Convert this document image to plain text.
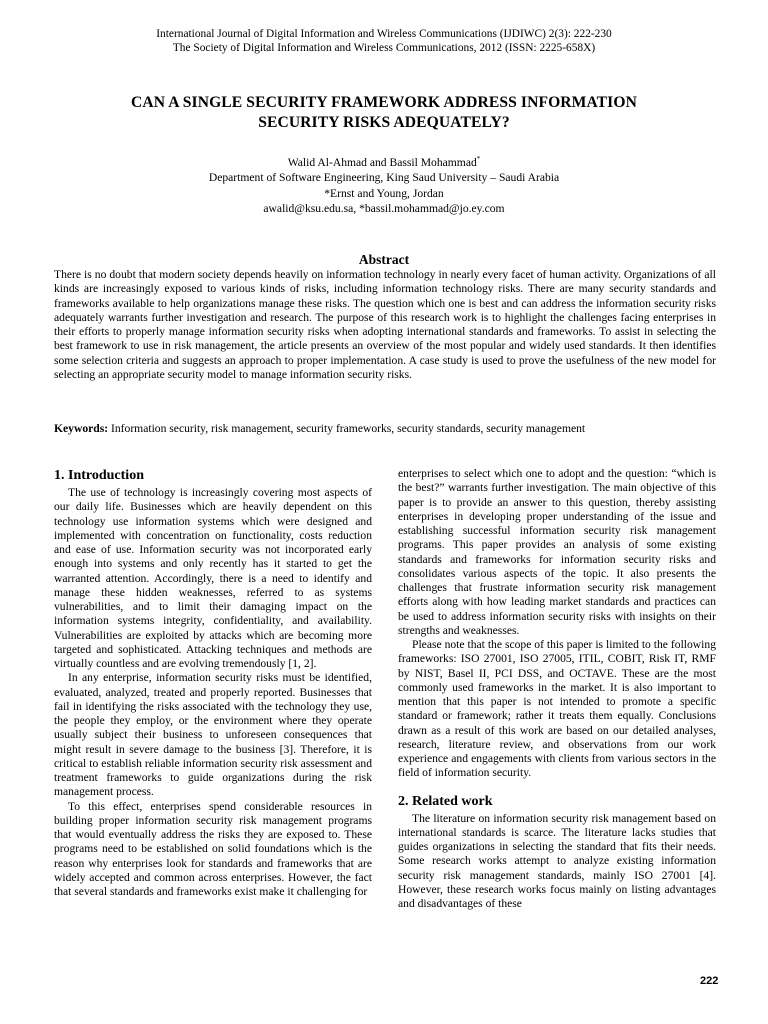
International Journal of Digital Information and Wireless Communications (IJDIWC) 2(3): 222-230
The Society of Digital Information and Wireless Communications, 2012 (ISSN: 2225-658X)
CAN A SINGLE SECURITY FRAMEWORK ADDRESS INFORMATION
SECURITY RISKS ADEQUATELY?
Walid Al-Ahmad and Bassil Mohammad*
Department of Software Engineering, King Saud University – Saudi Arabia
*Ernst and Young, Jordan
awalid@ksu.edu.sa, *bassil.mohammad@jo.ey.com
Abstract

There is no doubt that modern society depends heavily on information technology in nearly every facet of human activity. Organizations of all kinds are increasingly exposed to various kinds of risks, including information technology risks. There are many security standards and frameworks available to help organizations manage these risks. The question which one is best and can address the information security risks adequately warrants further investigation and research. The purpose of this research work is to highlight the challenges facing enterprises in their efforts to properly manage information security risks when adopting international standards and frameworks. To assist in selecting the best framework to use in risk management, the article presents an overview of the most popular and widely used standards. It then identifies some selection criteria and suggests an approach to proper implementation. A case study is used to prove the usefulness of the new model for selecting an appropriate security model to manage information security risks.

Keywords: Information security, risk management, security frameworks, security standards, security management

1. Introduction

The use of technology is increasingly covering most aspects of our daily life. Businesses which are heavily dependent on this technology use information systems which were designed and implemented with concentration on functionality, costs reduction and ease of use. Information security was not incorporated early enough into systems and only recently has it started to get the warranted attention. Accordingly, there is a need to identify and manage these hidden weaknesses, referred to as systems vulnerabilities, and to limit their damaging impact on the information systems integrity, confidentiality, and availability. Vulnerabilities are exploited by attacks which are becoming more targeted and sophisticated. Attacking techniques and methods are virtually countless and are evolving tremendously [1, 2].

In any enterprise, information security risks must be identified, evaluated, analyzed, treated and properly reported. Businesses that fail in identifying the risks associated with the technology they use, the people they employ, or the environment where they operate usually subject their business to unforeseen consequences that might result in severe damage to the business [3]. Therefore, it is critical to establish reliable information security risk assessment and treatment frameworks to guide organizations during the risk management process.

To this effect, enterprises spend considerable resources in building proper information security risk management programs that would eventually address the risks they are exposed to. These programs need to be established on solid foundations which is the reason why enterprises look for standards and frameworks that are widely accepted and common across enterprises. However, the fact that several standards and frameworks exist make it challenging for

enterprises to select which one to adopt and the question: “which is the best?” warrants further investigation. The main objective of this paper is to provide an answer to this question, thereby assisting enterprises in developing proper understanding of the issue and establishing successful information security risk management programs. This paper provides an analysis of some existing standards and frameworks for information security risks and consolidates various aspects of the topic. It also presents the challenges that frustrate information security risk management efforts along with how leading market standards and practices can be used to address information security risks with insights on their strengths and weaknesses.

Please note that the scope of this paper is limited to the following frameworks: ISO 27001, ISO 27005, ITIL, COBIT, Risk IT, RMF by NIST, Basel II, PCI DSS, and OCTAVE. These are the most commonly used frameworks in the market. It is also important to mention that this paper is not intended to promote a specific standard or framework; rather it treats them equally. Conclusions drawn as a result of this work are based on our detailed analyses, research, literature review, and observations from our work experience and engagements with clients from various sectors in the field of information security.

2. Related work

The literature on information security risk management based on international standards is scarce. The literature lacks studies that guides organizations in selecting the standard that fits their needs. Some research works attempt to analyze existing information security risk management standards, mainly ISO 27001 [4]. However, these research works focus mainly on listing advantages and disadvantages of these

222
